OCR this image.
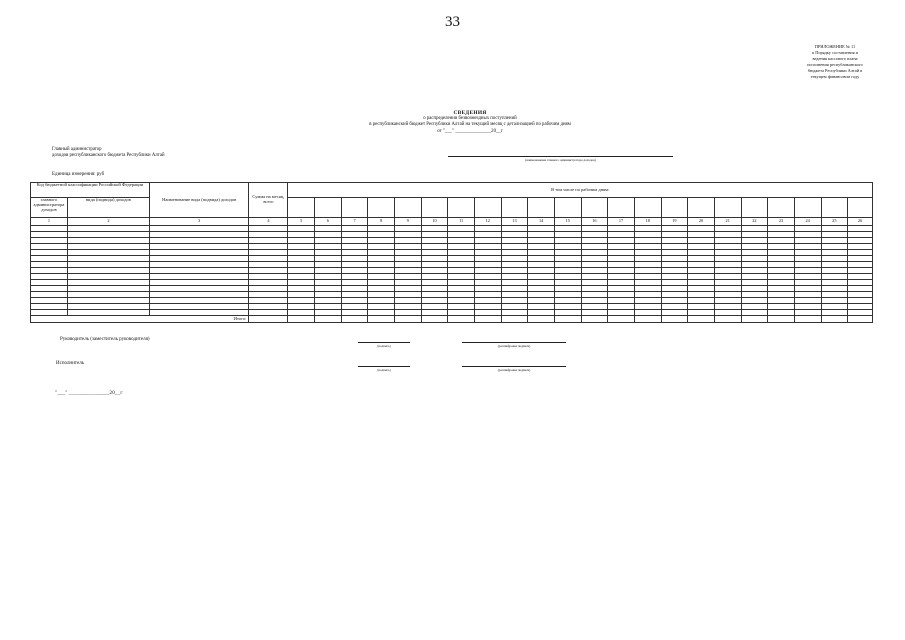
33
ПРИЛОЖЕНИЕ № 11
к Порядку составления и
ведения кассового плана
исполнения республиканского
бюджета Республики Алтай в
текущем финансовом году
СВЕДЕНИЯ
о распределении безвозмездных поступлений
в республиканский бюджет Республики Алтай на текущий месяц с детализацией по рабочим дням
от "___" _______________20__г
Главный администратор
доходов республиканского бюджета Республики Алтай
(наименование главного администратора доходов)
Единица измерения: руб
Код бюджетной классификации Российской Федерации		Наименование вида (подвида) доходов	Сумма на месяц, всего	В том числе по рабочим дням:																					
главного администратора доходов	вида (подвида) доходов																								
1	2	3	4	5	6	7	8	9	10	11	12	13	14	15	16	17	18	19	20	21	22	23	24	25	26

Итого:																									
Руководитель (заместитель руководителя)
(подпись)	(расшифровка подписи)
Исполнитель
(подпись)	(расшифровка подписи)
"___" _______________20__г
